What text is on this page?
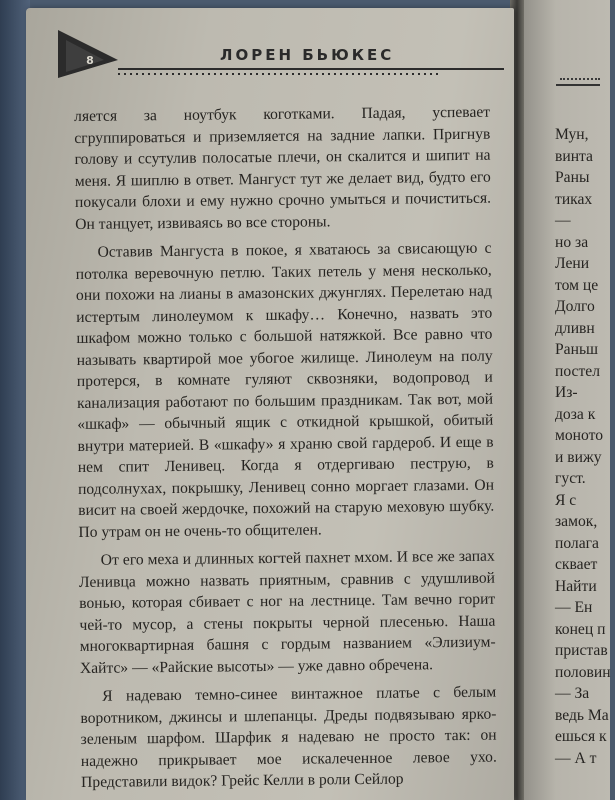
8	ЛОРЕН БЬЮКЕС

ляется за ноутбук коготками. Падая, успевает сгруппироваться и приземляется на задние лапки. Пригнув голову и ссутулив полосатые плечи, он скалится и шипит на меня. Я шиплю в ответ. Мангуст тут же делает вид, будто его покусали блохи и ему нужно срочно умыться и почиститься. Он танцует, извиваясь во все стороны.

Оставив Мангуста в покое, я хватаюсь за свисающую с потолка веревочную петлю. Таких петель у меня несколько, они похожи на лианы в амазонских джунглях. Перелетаю над истертым линолеумом к шкафу… Конечно, назвать это шкафом можно только с большой натяжкой. Все равно что называть квартирой мое убогое жилище. Линолеум на полу протерся, в комнате гуляют сквозняки, водопровод и канализация работают по большим праздникам. Так вот, мой «шкаф» — обычный ящик с откидной крышкой, обитый внутри материей. В «шкафу» я храню свой гардероб. И еще в нем спит Ленивец. Когда я отдергиваю пеструю, в подсолнухах, покрышку, Ленивец сонно моргает глазами. Он висит на своей жердочке, похожий на старую меховую шубку. По утрам он не очень-то общителен.

От его меха и длинных когтей пахнет мхом. И все же запах Ленивца можно назвать приятным, сравнив с удушливой вонью, которая сбивает с ног на лестнице. Там вечно горит чей-то мусор, а стены покрыты черной плесенью. Наша многоквартирная башня с гордым названием «Элизиум-Хайтс» — «Райские высоты» — уже давно обречена.

Я надеваю темно-синее винтажное платье с белым воротником, джинсы и шлепанцы. Дреды подвязываю ярко-зеленым шарфом. Шарфик я надеваю не просто так: он надежно прикрывает мое искалеченное левое ухо. Представили видок? Грейс Келли в роли Сейлор

Мун,
винта
Раны
тиках
—
но за
Лени
том це
Долго
дливн
Раньш
постел
Из-
доза к
моното
и вижу
густ.
Я с
замок,
полага
сквает
Найти
— Ен
конец п
пристав
половин
— За
ведь Ма
ешься к
— А т
